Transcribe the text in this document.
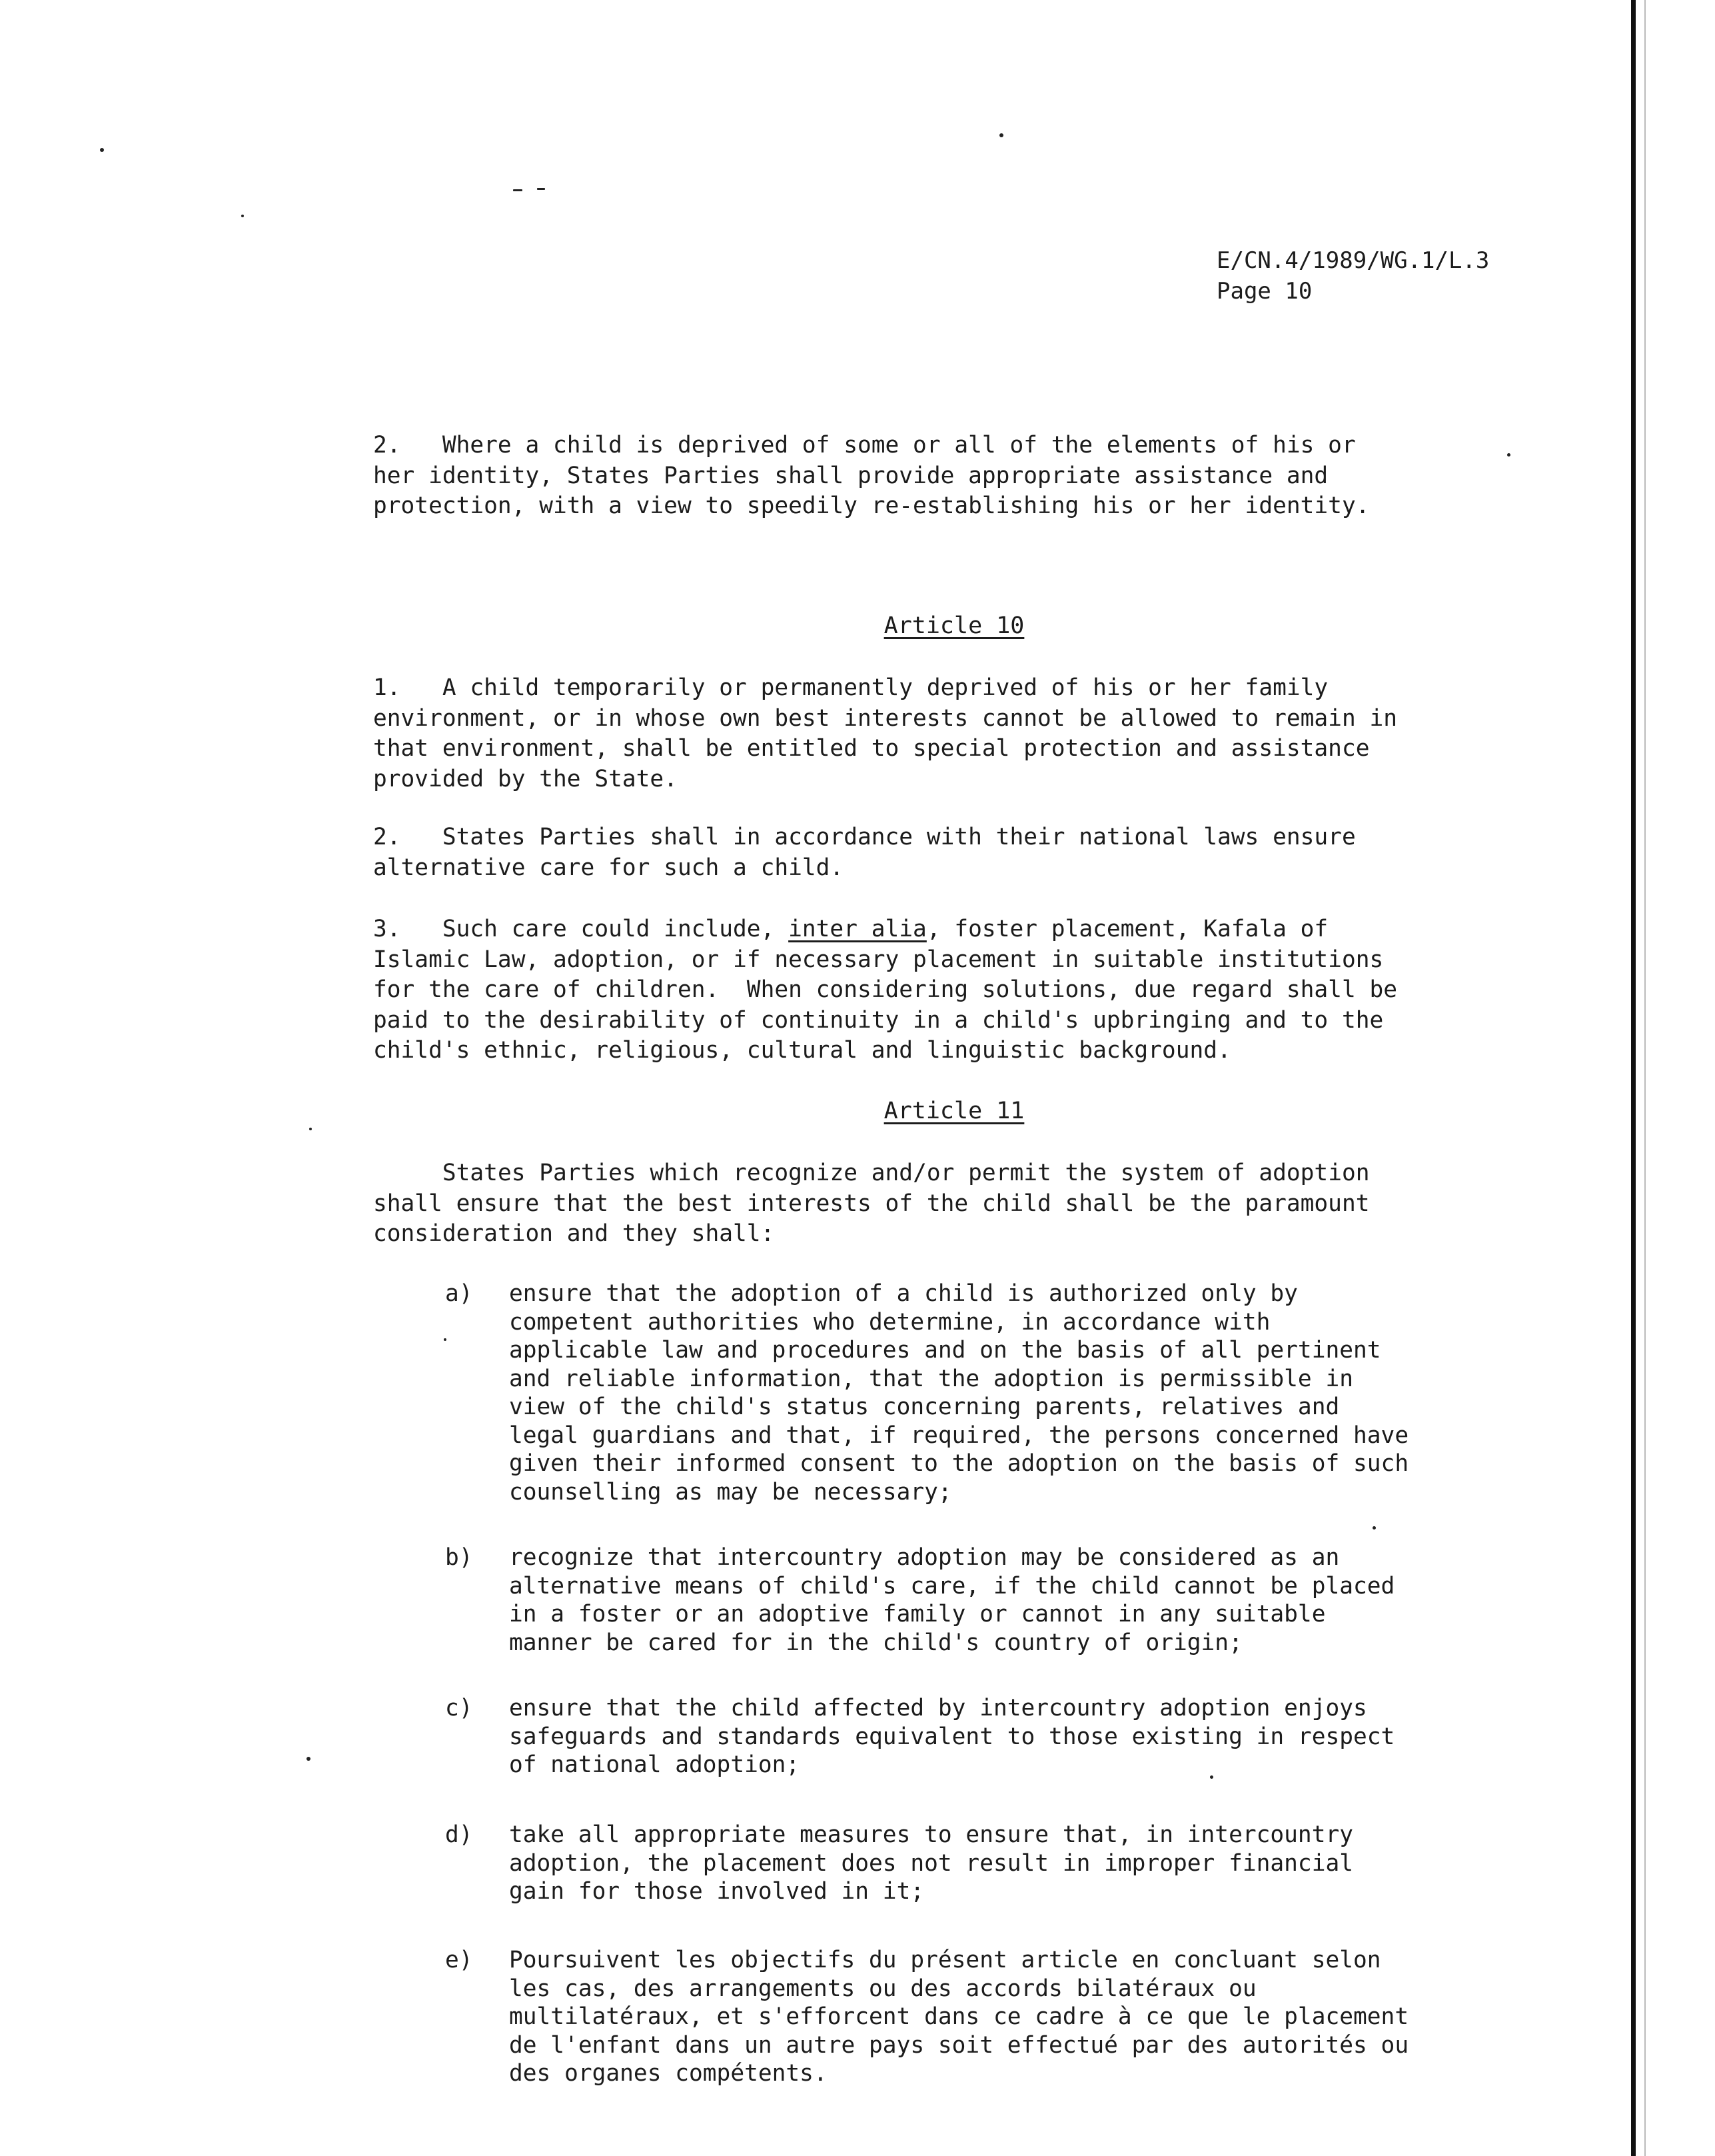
E/CN.4/1989/WG.1/L.3
Page 10
2.   Where a child is deprived of some or all of the elements of his or
her identity, States Parties shall provide appropriate assistance and
protection, with a view to speedily re-establishing his or her identity.
Article 10
1.   A child temporarily or permanently deprived of his or her family
environment, or in whose own best interests cannot be allowed to remain in
that environment, shall be entitled to special protection and assistance
provided by the State.
2.   States Parties shall in accordance with their national laws ensure
alternative care for such a child.
3.   Such care could include, inter alia, foster placement, Kafala of
Islamic Law, adoption, or if necessary placement in suitable institutions
for the care of children.  When considering solutions, due regard shall be
paid to the desirability of continuity in a child's upbringing and to the
child's ethnic, religious, cultural and linguistic background.
Article 11
States Parties which recognize and/or permit the system of adoption
shall ensure that the best interests of the child shall be the paramount
consideration and they shall:
a) ensure that the adoption of a child is authorized only by
competent authorities who determine, in accordance with
applicable law and procedures and on the basis of all pertinent
and reliable information, that the adoption is permissible in
view of the child's status concerning parents, relatives and
legal guardians and that, if required, the persons concerned have
given their informed consent to the adoption on the basis of such
counselling as may be necessary;
b) recognize that intercountry adoption may be considered as an
alternative means of child's care, if the child cannot be placed
in a foster or an adoptive family or cannot in any suitable
manner be cared for in the child's country of origin;
c) ensure that the child affected by intercountry adoption enjoys
safeguards and standards equivalent to those existing in respect
of national adoption;
d) take all appropriate measures to ensure that, in intercountry
adoption, the placement does not result in improper financial
gain for those involved in it;
e) Poursuivent les objectifs du présent article en concluant selon
les cas, des arrangements ou des accords bilatéraux ou
multilatéraux, et s'efforcent dans ce cadre à ce que le placement
de l'enfant dans un autre pays soit effectué par des autorités ou
des organes compétents.
